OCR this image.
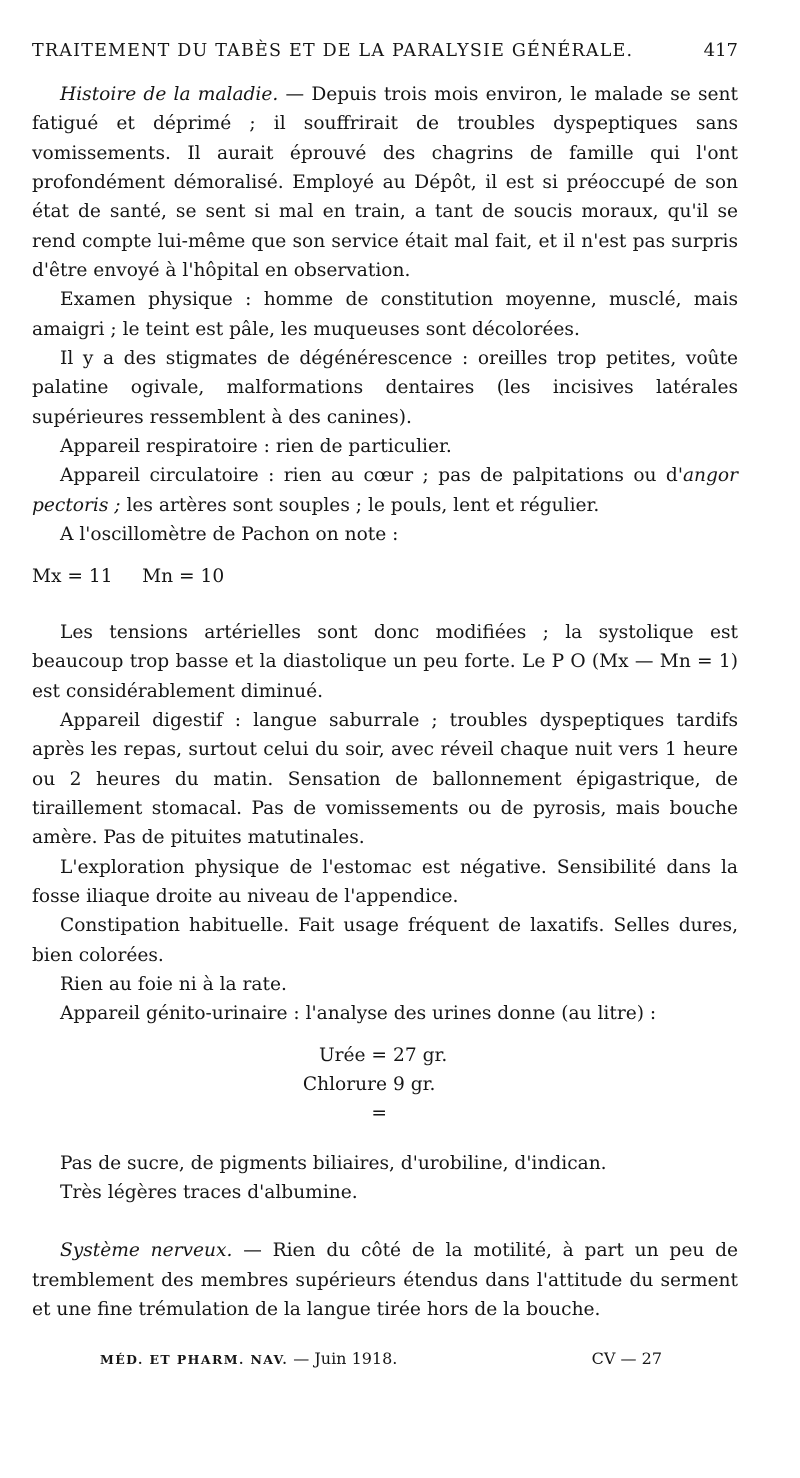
TRAITEMENT DU TABÈS ET DE LA PARALYSIE GÉNÉRALE.	417

Histoire de la maladie. — Depuis trois mois environ, le malade se sent fatigué et déprimé ; il souffrirait de troubles dyspeptiques sans vomissements. Il aurait éprouvé des chagrins de famille qui l'ont profondément démoralisé. Employé au Dépôt, il est si préoccupé de son état de santé, se sent si mal en train, a tant de soucis moraux, qu'il se rend compte lui-même que son service était mal fait, et il n'est pas surpris d'être envoyé à l'hôpital en observation.

Examen physique : homme de constitution moyenne, musclé, mais amaigri ; le teint est pâle, les muqueuses sont décolorées.

Il y a des stigmates de dégénérescence : oreilles trop petites, voûte palatine ogivale, malformations dentaires (les incisives latérales supérieures ressemblent à des canines).

Appareil respiratoire : rien de particulier.

Appareil circulatoire : rien au cœur ; pas de palpitations ou d'angor pectoris ; les artères sont souples ; le pouls, lent et régulier.

A l'oscillomètre de Pachon on note :

Mx = 11     Mn = 10

Les tensions artérielles sont donc modifiées ; la systolique est beaucoup trop basse et la diastolique un peu forte. Le P O (Mx — Mn = 1) est considérablement diminué.

Appareil digestif : langue saburrale ; troubles dyspeptiques tardifs après les repas, surtout celui du soir, avec réveil chaque nuit vers 1 heure ou 2 heures du matin. Sensation de ballonnement épigastrique, de tiraillement stomacal. Pas de vomissements ou de pyrosis, mais bouche amère. Pas de pituites matutinales.

L'exploration physique de l'estomac est négative. Sensibilité dans la fosse iliaque droite au niveau de l'appendice.

Constipation habituelle. Fait usage fréquent de laxatifs. Selles dures, bien colorées.

Rien au foie ni à la rate.

Appareil génito-urinaire : l'analyse des urines donne (au litre) :

Urée = 27 gr.
Chlorure =
9 gr.

Pas de sucre, de pigments biliaires, d'urobiline, d'indican.

Très légères traces d'albumine.

Système nerveux. — Rien du côté de la motilité, à part un peu de tremblement des membres supérieurs étendus dans l'attitude du serment et une fine trémulation de la langue tirée hors de la bouche.

MÉD. ET PHARM. NAV. — Juin 1918.	CV — 27
